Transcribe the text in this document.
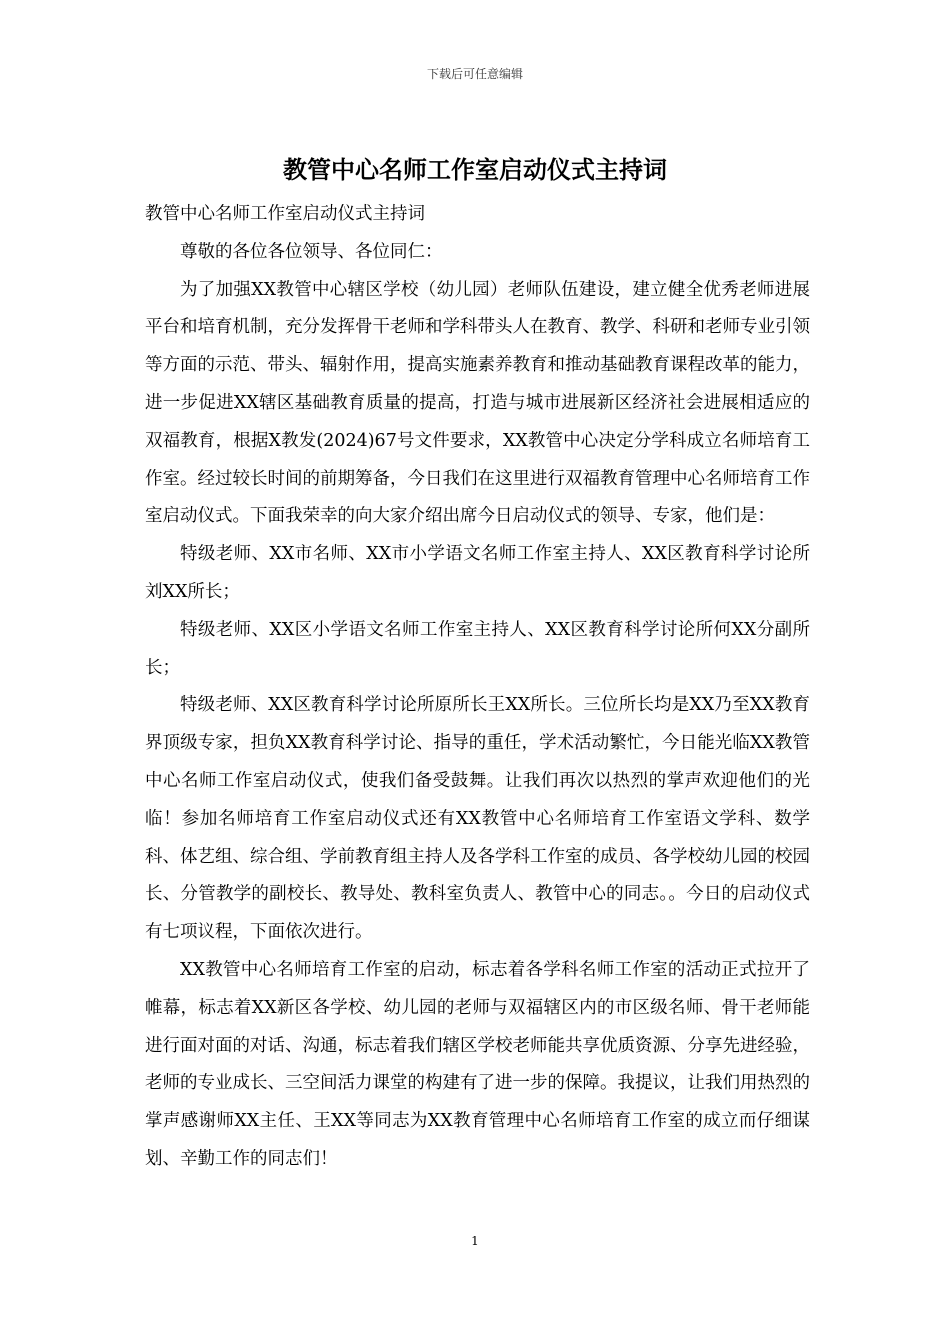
下载后可任意编辑
教管中心名师工作室启动仪式主持词

教管中心名师工作室启动仪式主持词

尊敬的各位各位领导、各位同仁：

为了加强XX教管中心辖区学校（幼儿园）老师队伍建设，建立健全优秀老师进展平台和培育机制，充分发挥骨干老师和学科带头人在教育、教学、科研和老师专业引领等方面的示范、带头、辐射作用，提高实施素养教育和推动基础教育课程改革的能力，进一步促进XX辖区基础教育质量的提高，打造与城市进展新区经济社会进展相适应的双福教育，根据X教发(2024)67号文件要求，XX教管中心决定分学科成立名师培育工作室。经过较长时间的前期筹备，今日我们在这里进行双福教育管理中心名师培育工作室启动仪式。下面我荣幸的向大家介绍出席今日启动仪式的领导、专家，他们是：

特级老师、XX市名师、XX市小学语文名师工作室主持人、XX区教育科学讨论所刘XX所长；

特级老师、XX区小学语文名师工作室主持人、XX区教育科学讨论所何XX分副所长；

特级老师、XX区教育科学讨论所原所长王XX所长。三位所长均是XX乃至XX教育界顶级专家，担负XX教育科学讨论、指导的重任，学术活动繁忙，今日能光临XX教管中心名师工作室启动仪式，使我们备受鼓舞。让我们再次以热烈的掌声欢迎他们的光临！参加名师培育工作室启动仪式还有XX教管中心名师培育工作室语文学科、数学科、体艺组、综合组、学前教育组主持人及各学科工作室的成员、各学校幼儿园的校园长、分管教学的副校长、教导处、教科室负责人、教管中心的同志。。今日的启动仪式有七项议程，下面依次进行。

XX教管中心名师培育工作室的启动，标志着各学科名师工作室的活动正式拉开了帷幕，标志着XX新区各学校、幼儿园的老师与双福辖区内的市区级名师、骨干老师能进行面对面的对话、沟通，标志着我们辖区学校老师能共享优质资源、分享先进经验，老师的专业成长、三空间活力课堂的构建有了进一步的保障。我提议，让我们用热烈的掌声感谢师XX主任、王XX等同志为XX教育管理中心名师培育工作室的成立而仔细谋划、辛勤工作的同志们！

1
